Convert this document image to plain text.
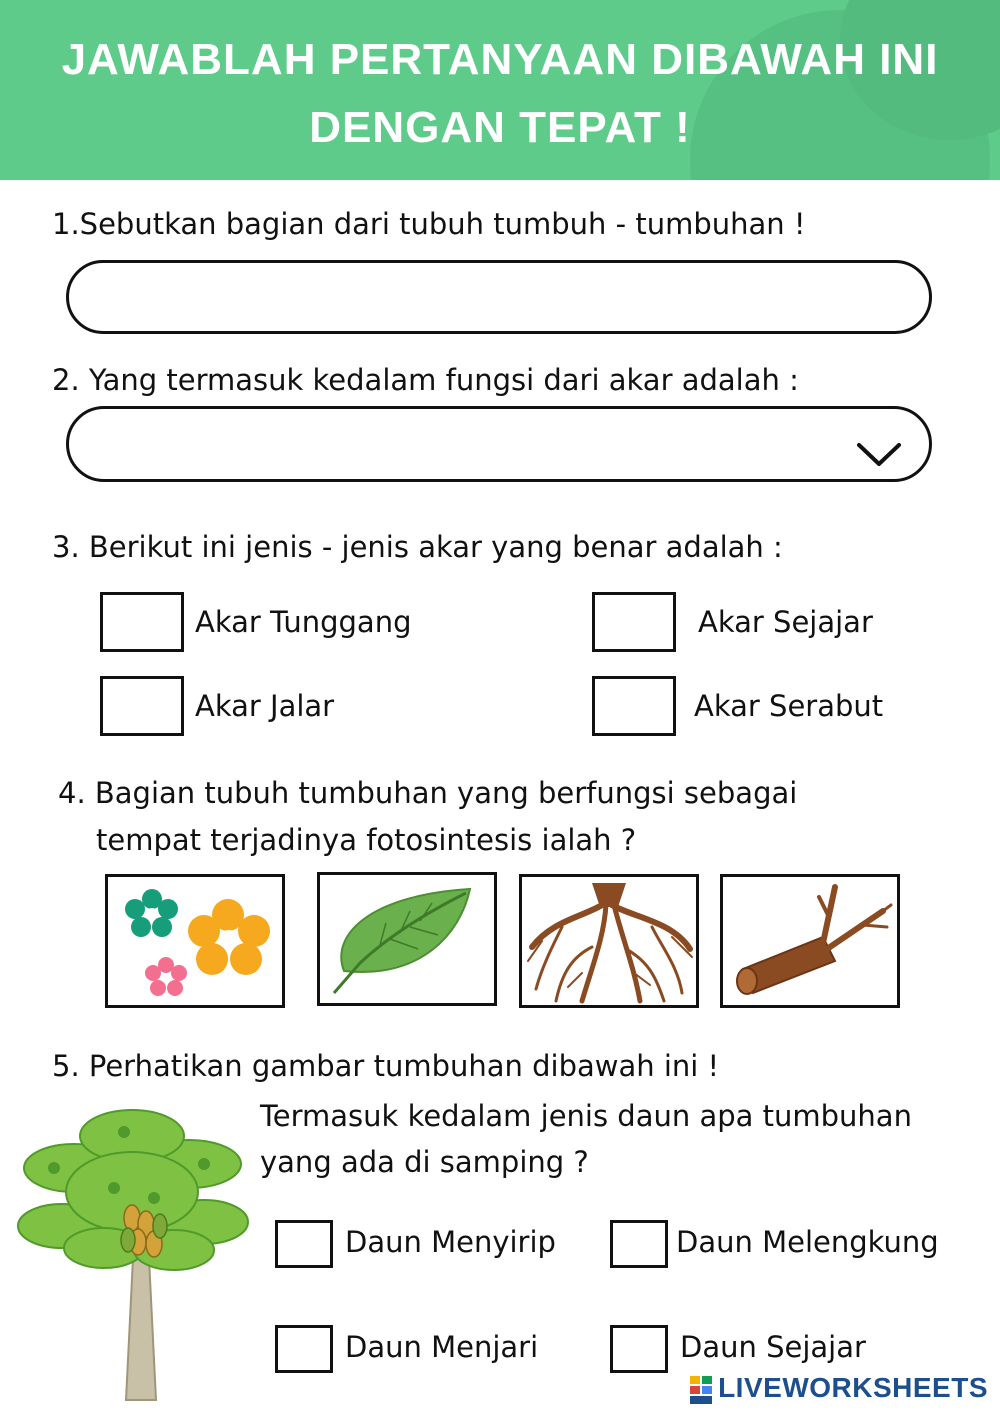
JAWABLAH PERTANYAAN DIBAWAH INI
DENGAN TEPAT !
1.Sebutkan bagian dari tubuh tumbuh - tumbuhan !
2. Yang termasuk kedalam fungsi dari akar adalah :
3. Berikut ini jenis - jenis akar yang benar adalah :
Akar Tunggang	Akar Sejajar
Akar Jalar	Akar Serabut
4. Bagian tubuh tumbuhan yang berfungsi sebagai
tempat terjadinya fotosintesis ialah ?
5. Perhatikan gambar tumbuhan dibawah ini !
Termasuk kedalam jenis daun apa tumbuhan
yang ada di samping ?
Daun Menyirip	Daun Melengkung
Daun Menjari	Daun Sejajar
LIVEWORKSHEETS
